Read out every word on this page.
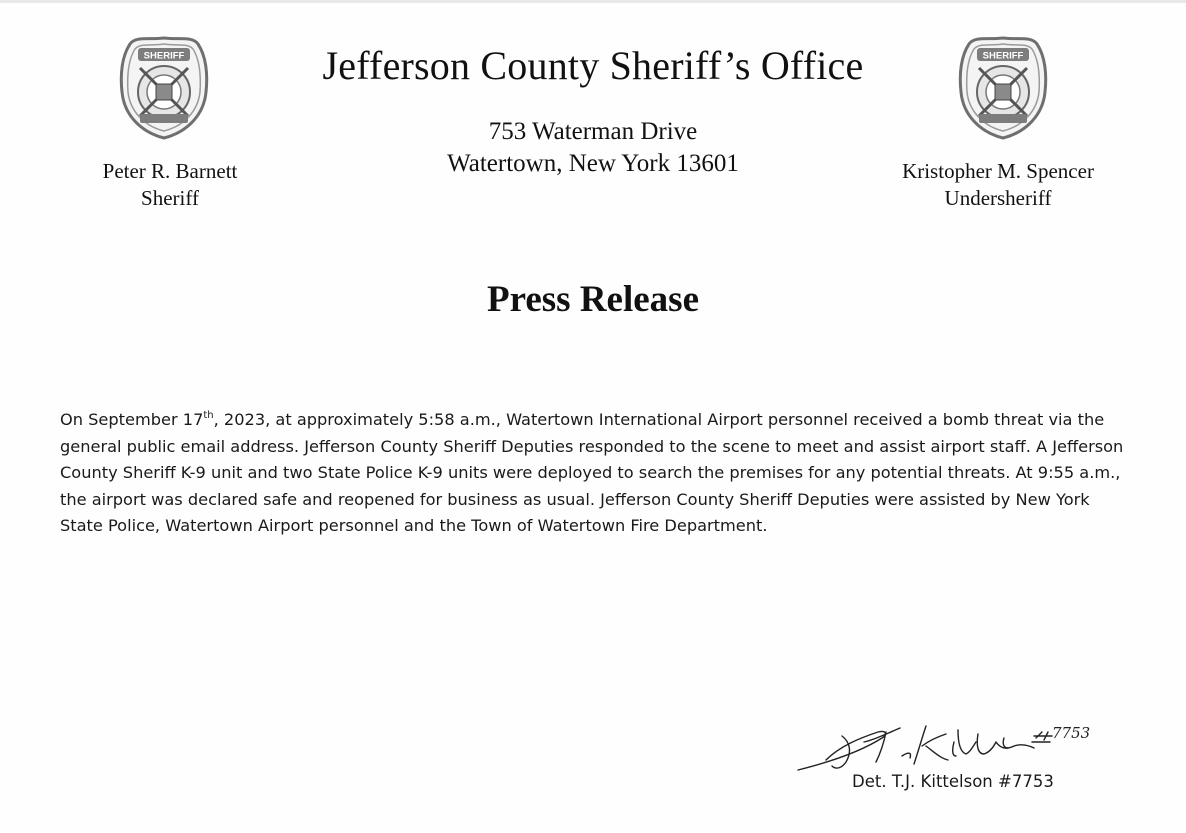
SHERIFF	SHERIFF
Jefferson County Sheriff’s Office
753 Waterman Drive
Watertown, New York 13601
Peter R. Barnett
Sheriff
Kristopher M. Spencer
Undersheriff
Press Release
On September 17th, 2023, at approximately 5:58 a.m., Watertown International Airport personnel received a bomb threat via the general public email address. Jefferson County Sheriff Deputies responded to the scene to meet and assist airport staff. A Jefferson County Sheriff K-9 unit and two State Police K-9 units were deployed to search the premises for any potential threats. At 9:55 a.m., the airport was declared safe and reopened for business as usual. Jefferson County Sheriff Deputies were assisted by New York State Police, Watertown Airport personnel and the Town of Watertown Fire Department.
7753
Det. T.J. Kittelson #7753
